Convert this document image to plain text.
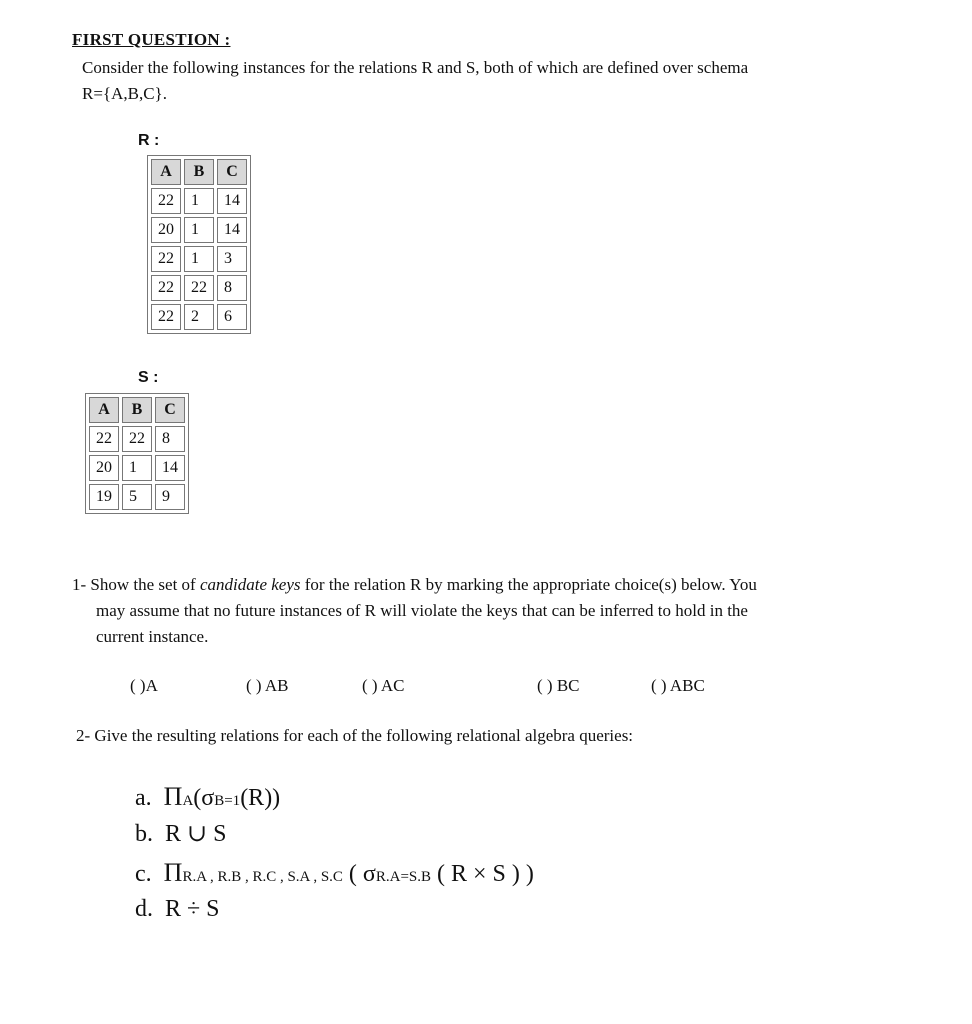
FIRST QUESTION :
Consider the following instances for the relations R and S, both of which are defined over schema
R={A,B,C}.
R :
A	B	C
22	1	14
20	1	14
22	1	3
22	22	8
22	2	6
S :
A	B	C
22	22	8
20	1	14
19	5	9
1- Show the set of candidate keys for the relation R by marking the appropriate choice(s) below. You
may assume that no future instances of R will violate the keys that can be inferred to hold in the
current instance.
( )A	( ) AB	( ) AC	( ) BC	( ) ABC
2- Give the resulting relations for each of the following relational algebra queries:
a. ΠA(σB=1(R))
b. R ∪ S
c. ΠR.A , R.B , R.C , S.A , S.C ( σR.A=S.B ( R × S ) )
d. R ÷ S
